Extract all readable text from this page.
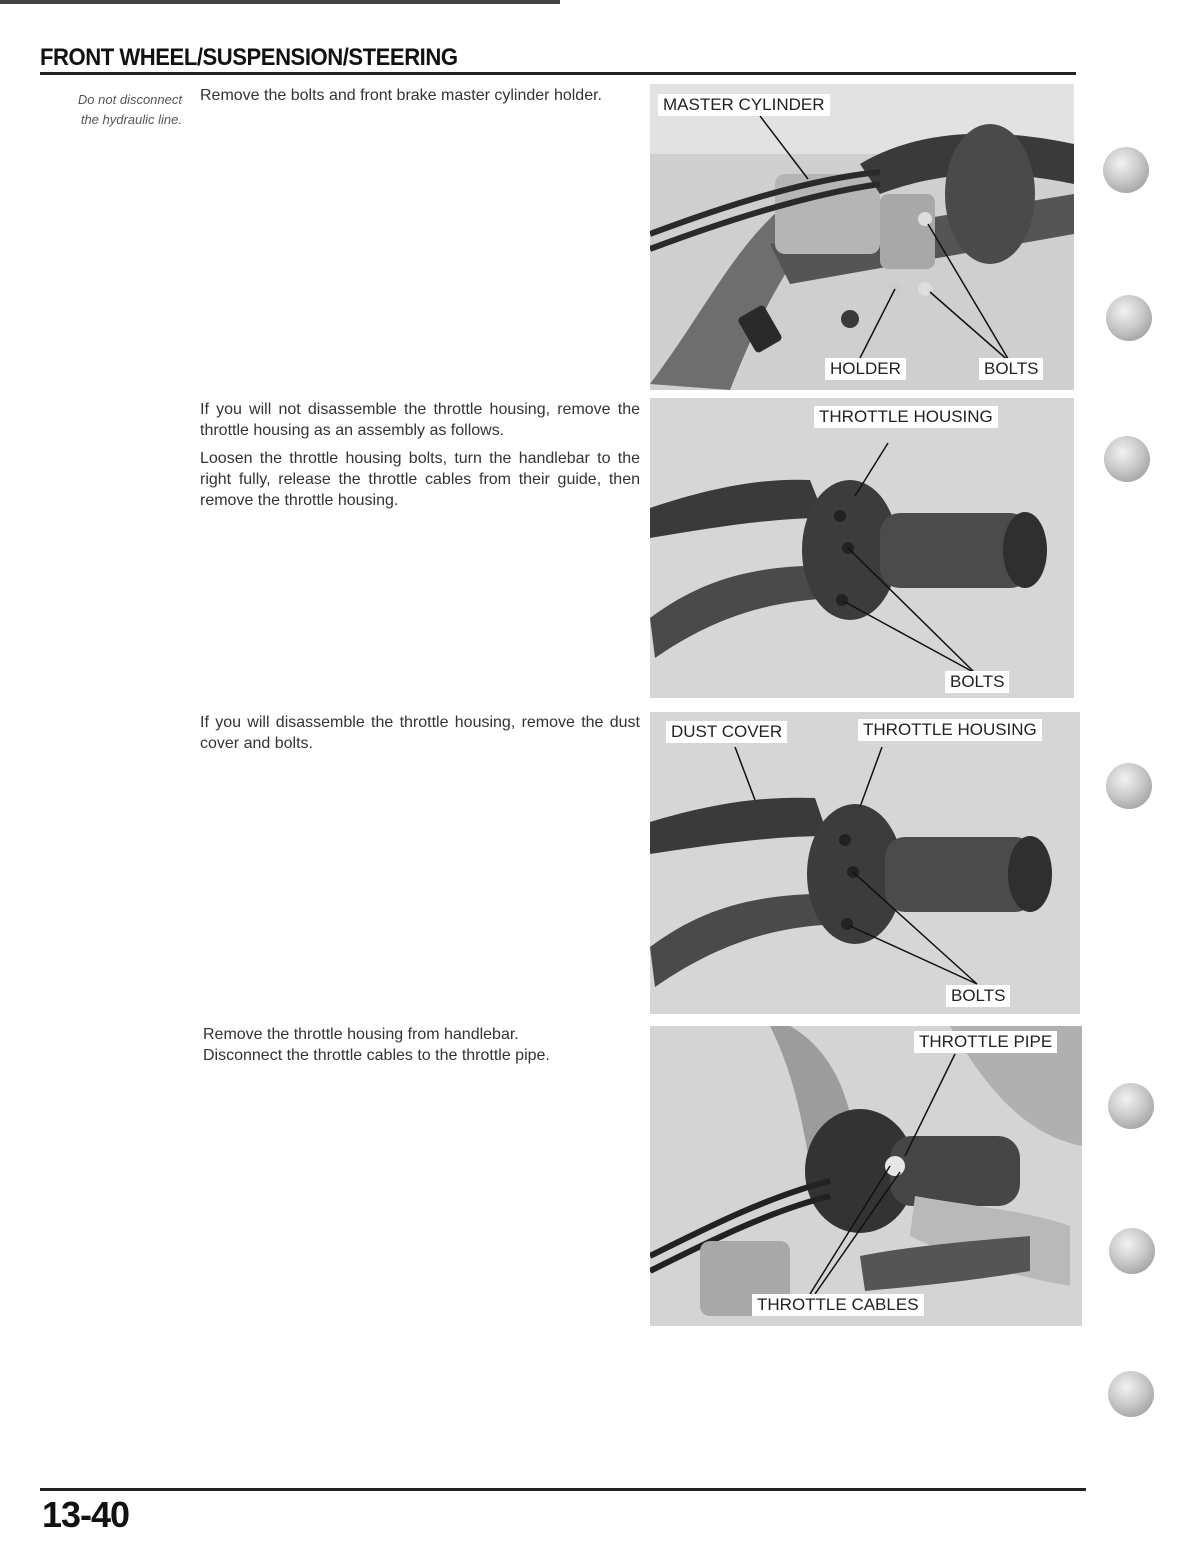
FRONT WHEEL/SUSPENSION/STEERING
Do not disconnect
the hydraulic line.

Remove the bolts and front brake master cylinder holder.

If you will not disassemble the throttle housing, remove the throttle housing as an assembly as follows.

Loosen the throttle housing bolts, turn the handlebar to the right fully, release the throttle cables from their guide, then remove the throttle housing.

If you will disassemble the throttle housing, remove the dust cover and bolts.

Remove the throttle housing from handlebar.
Disconnect the throttle cables to the throttle pipe.
MASTER CYLINDER
HOLDER	BOLTS
THROTTLE HOUSING
BOLTS
DUST COVER	THROTTLE HOUSING
BOLTS
THROTTLE PIPE
THROTTLE CABLES
13-40
